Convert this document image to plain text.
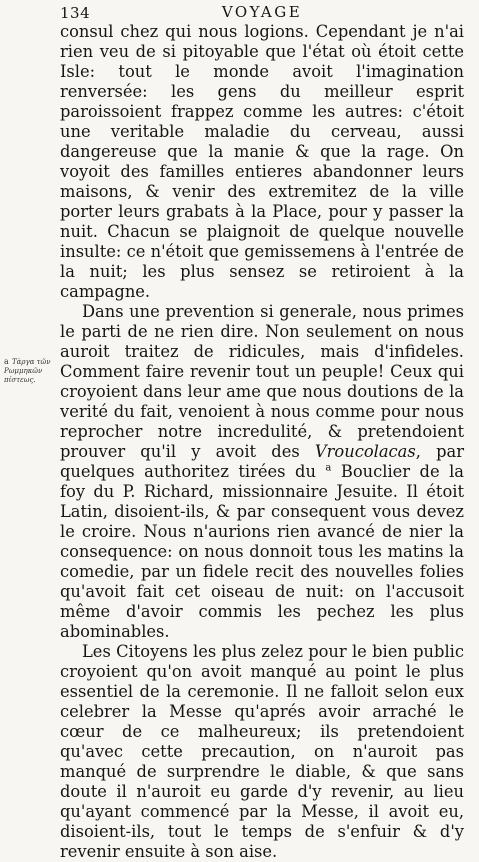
134	VOYAGE
a Τὰργα τῶν Ρωμμηκῶν πίστεως.

consul chez qui nous logions. Cependant je n'ai rien veu de si pitoyable que l'état où étoit cette Isle: tout le monde avoit l'imagination renversée: les gens du meilleur esprit paroissoient frappez comme les autres: c'étoit une veritable maladie du cerveau, aussi dangereuse que la manie & que la rage. On voyoit des familles entieres abandonner leurs maisons, & venir des extremitez de la ville porter leurs grabats à la Place, pour y passer la nuit. Chacun se plaignoit de quelque nouvelle insulte: ce n'étoit que gemissemens à l'entrée de la nuit; les plus sensez se retiroient à la campagne.

Dans une prevention si generale, nous primes le parti de ne rien dire. Non seulement on nous auroit traitez de ridicules, mais d'infideles. Comment faire revenir tout un peuple! Ceux qui croyoient dans leur ame que nous doutions de la verité du fait, venoient à nous comme pour nous reprocher notre incredulité, & pretendoient prouver qu'il y avoit des Vroucolacas, par quelques authoritez tirées du $^a$ Bouclier de la foy du P. Richard, missionnaire Jesuite. Il étoit Latin, disoient-ils, & par consequent vous devez le croire. Nous n'aurions rien avancé de nier la consequence: on nous donnoit tous les matins la comedie, par un fidele recit des nouvelles folies qu'avoit fait cet oiseau de nuit: on l'accusoit même d'avoir commis les pechez les plus abominables.

Les Citoyens les plus zelez pour le bien public croyoient qu'on avoit manqué au point le plus essentiel de la ceremonie. Il ne falloit selon eux celebrer la Messe qu'aprés avoir arraché le cœur de ce malheureux; ils pretendoient qu'avec cette precaution, on n'auroit pas manqué de surprendre le diable, & que sans doute il n'auroit eu garde d'y revenir, au lieu qu'ayant commencé par la Messe, il avoit eu, disoient-ils, tout le temps de s'enfuir & d'y revenir ensuite à son aise.
